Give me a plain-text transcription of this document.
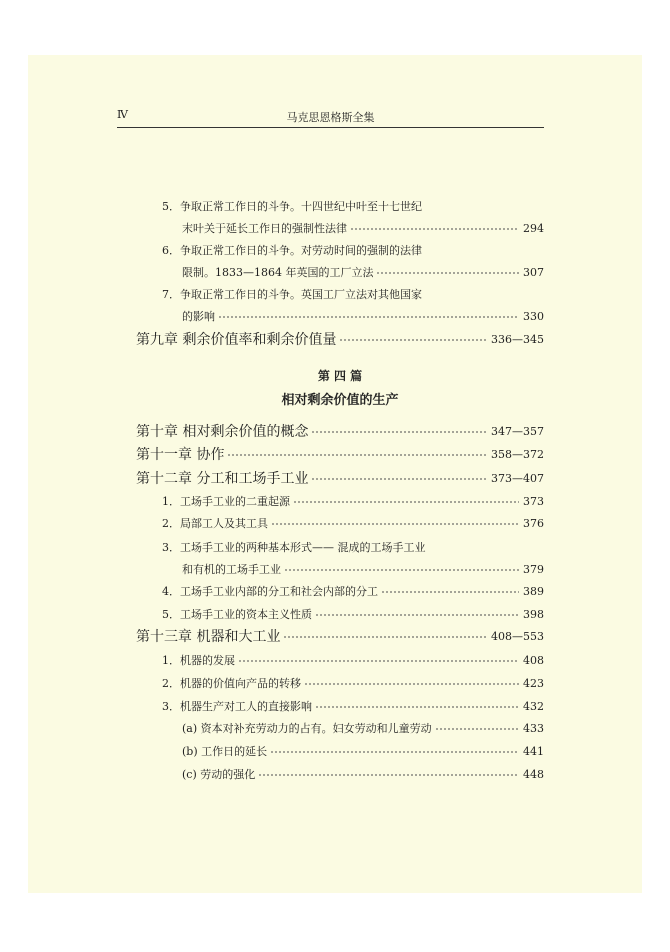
Ⅳ	马克思恩格斯全集
5．争取正常工作日的斗争。十四世纪中叶至十七世纪
末叶关于延长工作日的强制性法律	294
6．争取正常工作日的斗争。对劳动时间的强制的法律
限制。1833—1864 年英国的工厂立法	307
7．争取正常工作日的斗争。英国工厂立法对其他国家
的影响	330
第九章 剩余价值率和剩余价值量	336—345
第 四 篇
相对剩余价值的生产
第十章 相对剩余价值的概念	347—357
第十一章 协作	358—372
第十二章 分工和工场手工业	373—407
1．工场手工业的二重起源	373
2．局部工人及其工具	376
3．工场手工业的两种基本形式—— 混成的工场手工业
和有机的工场手工业	379
4．工场手工业内部的分工和社会内部的分工	389
5．工场手工业的资本主义性质	398
第十三章 机器和大工业	408—553
1．机器的发展	408
2．机器的价值向产品的转移	423
3．机器生产对工人的直接影响	432
(a) 资本对补充劳动力的占有。妇女劳动和儿童劳动	433
(b) 工作日的延长	441
(c) 劳动的强化	448
